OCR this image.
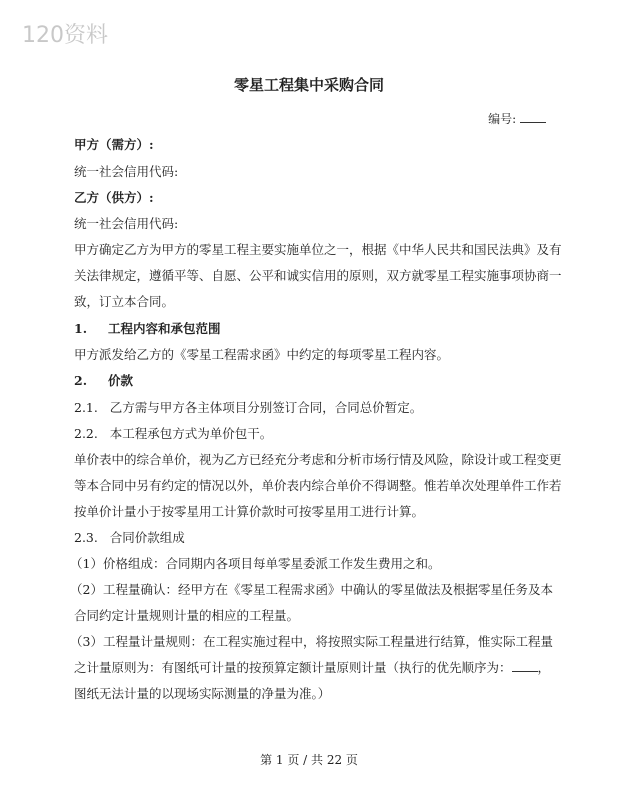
120资料
零星工程集中采购合同
编号:
甲方（需方）:
统一社会信用代码:
乙方（供方）:
统一社会信用代码:
甲方确定乙方为甲方的零星工程主要实施单位之一，根据《中华人民共和国民法典》及有
关法律规定，遵循平等、自愿、公平和诚实信用的原则，双方就零星工程实施事项协商一
致，订立本合同。
1. 工程内容和承包范围
甲方派发给乙方的《零星工程需求函》中约定的每项零星工程内容。
2. 价款
2.1.   乙方需与甲方各主体项目分别签订合同，合同总价暂定。
2.2.   本工程承包方式为单价包干。
单价表中的综合单价，视为乙方已经充分考虑和分析市场行情及风险，除设计或工程变更
等本合同中另有约定的情况以外，单价表内综合单价不得调整。惟若单次处理单件工作若
按单价计量小于按零星用工计算价款时可按零星用工进行计算。
2.3.   合同价款组成
（1）价格组成：合同期内各项目每单零星委派工作发生费用之和。
（2）工程量确认：经甲方在《零星工程需求函》中确认的零星做法及根据零星任务及本
合同约定计量规则计量的相应的工程量。
（3）工程量计量规则：在工程实施过程中，将按照实际工程量进行结算，惟实际工程量
之计量原则为：有图纸可计量的按预算定额计量原则计量（执行的优先顺序为： ，
图纸无法计量的以现场实际测量的净量为准。）
第 1 页 / 共 22 页
